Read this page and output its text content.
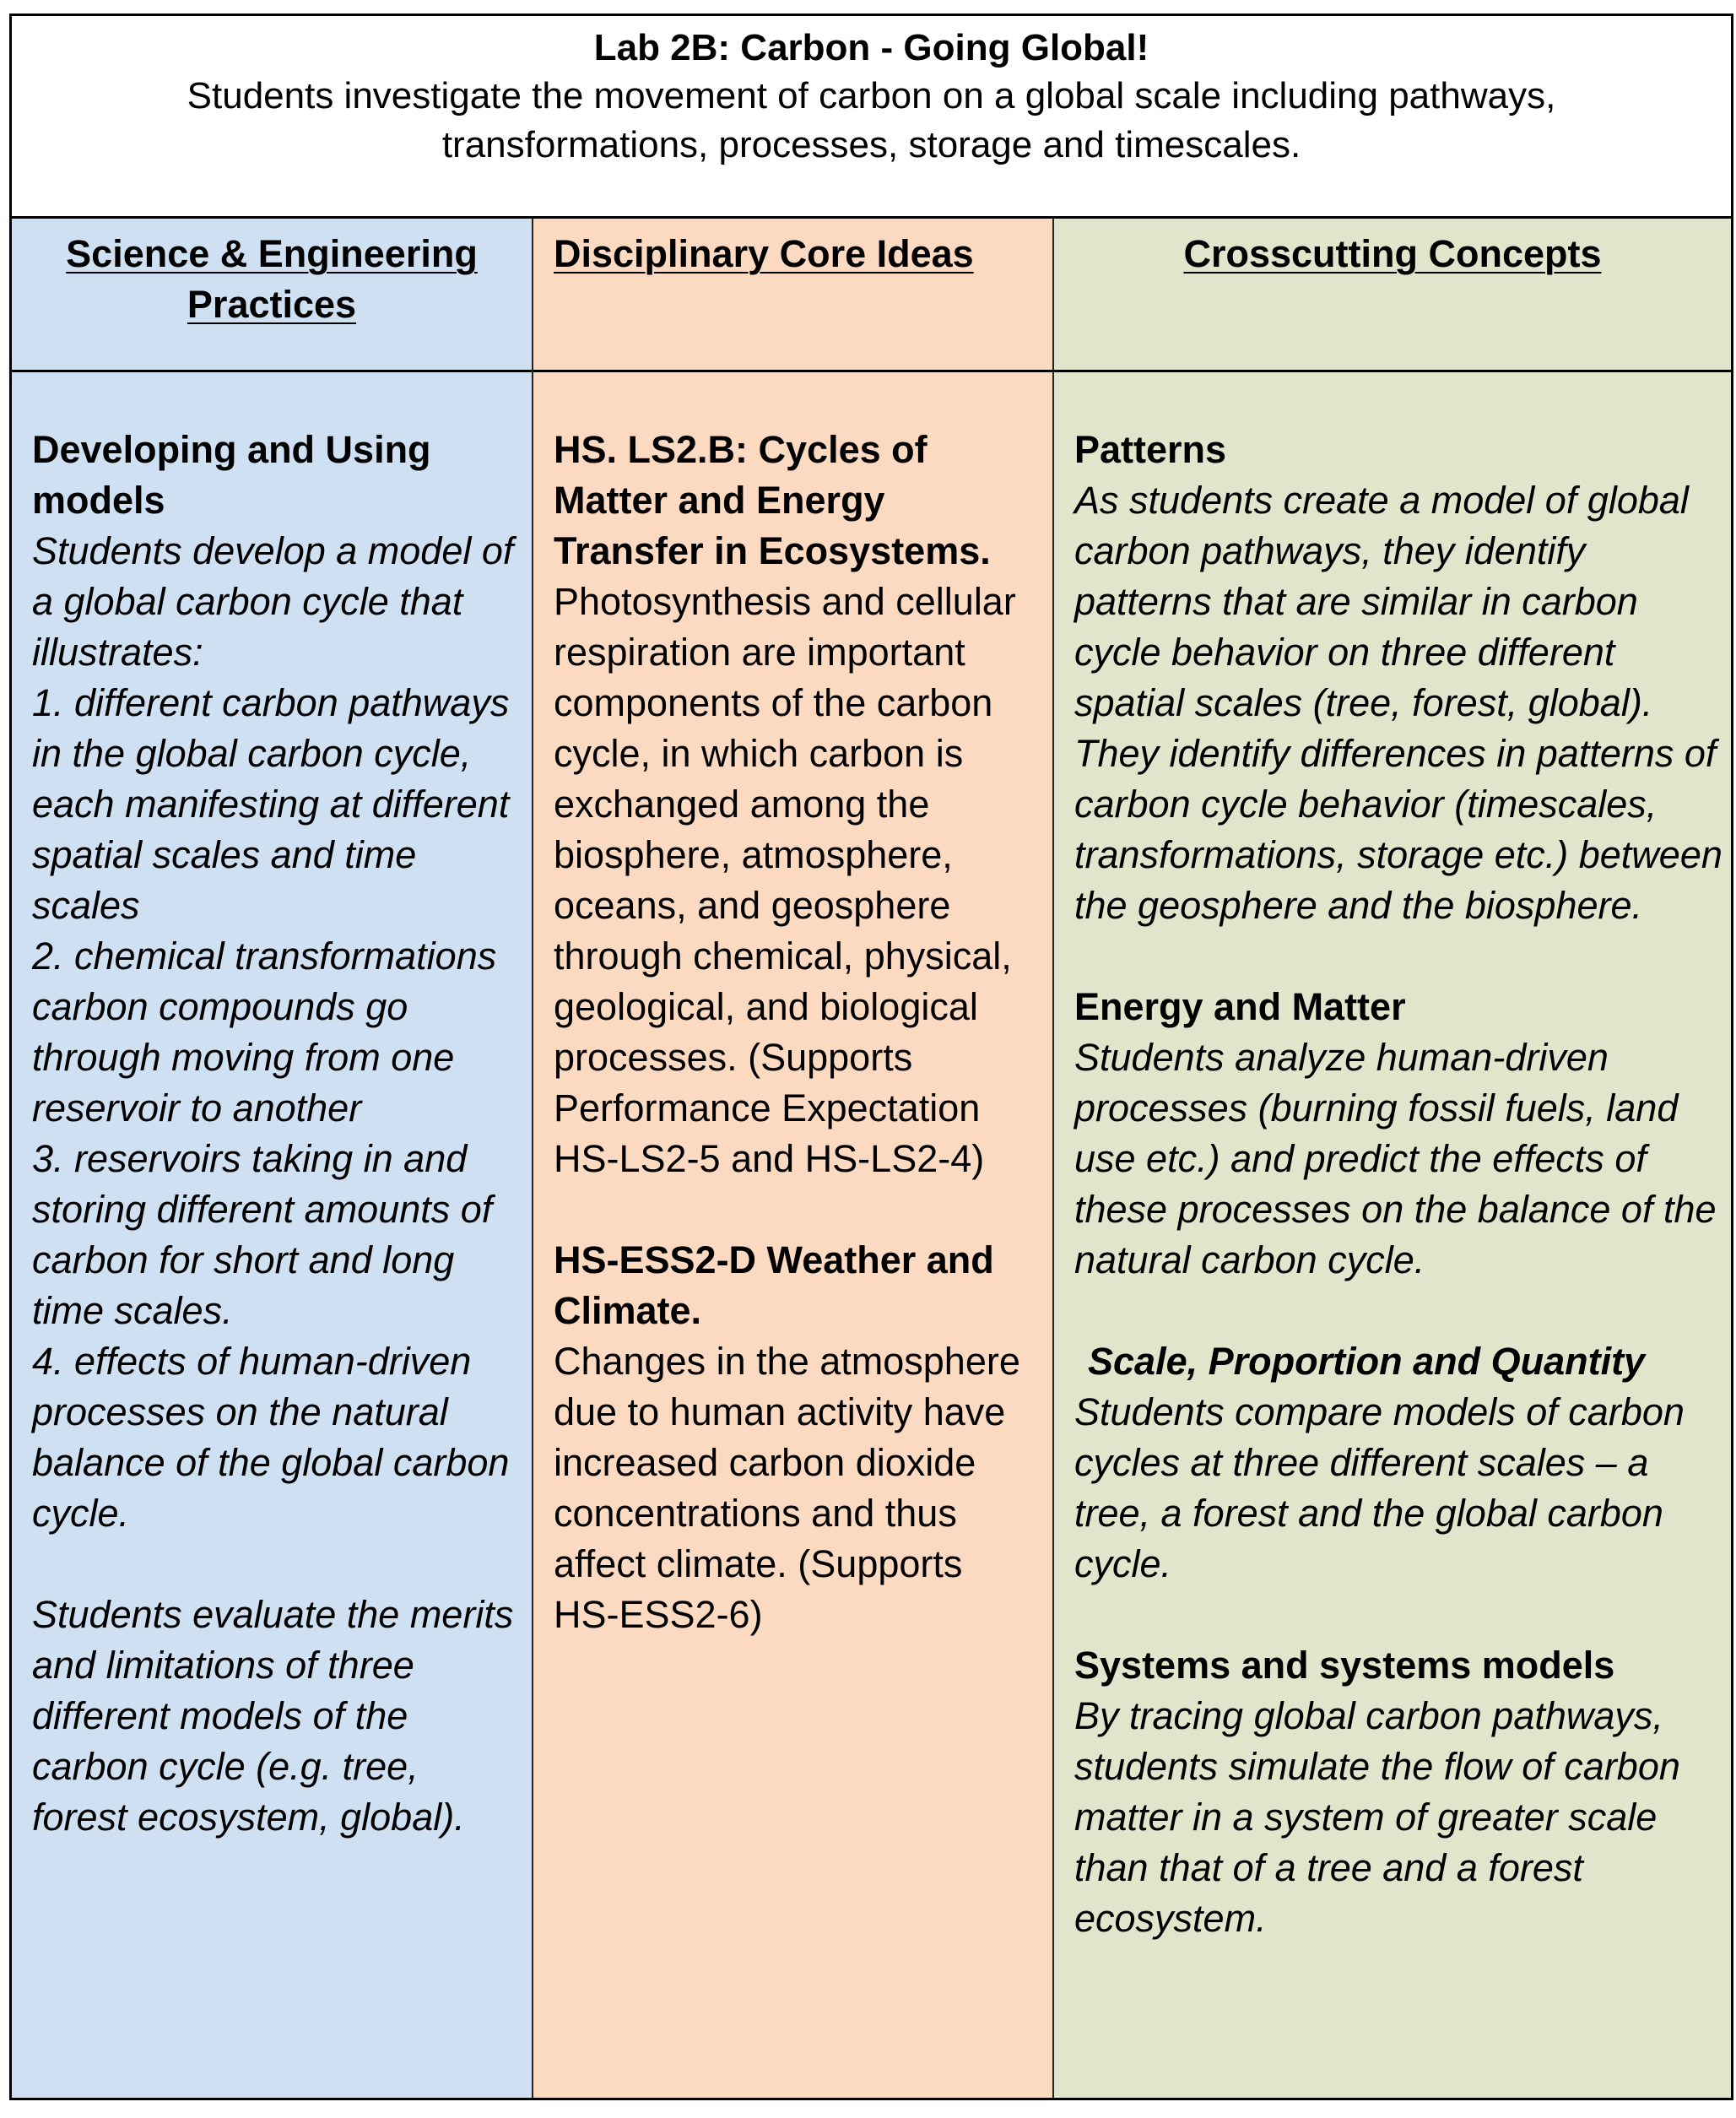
Lab 2B: Carbon - Going Global!
Students investigate the movement of carbon on a global scale including pathways, transformations, processes, storage and timescales.
Science & Engineering Practices

Developing and Using models

Students develop a model of a global carbon cycle that illustrates:

1. different carbon pathways in the global carbon cycle, each manifesting at different spatial scales and time scales

2. chemical transformations carbon compounds go through moving from one reservoir to another

3. reservoirs taking in and storing different amounts of carbon for short and long time scales.

4. effects of human-driven processes on the natural balance of the global carbon cycle.

Students evaluate the merits and limitations of three different models of the carbon cycle (e.g. tree, forest ecosystem, global).

Disciplinary Core Ideas

HS. LS2.B: Cycles of Matter and Energy Transfer in Ecosystems.

Photosynthesis and cellular respiration are important components of the carbon cycle, in which carbon is exchanged among the biosphere, atmosphere, oceans, and geosphere through chemical, physical, geological, and biological processes. (Supports Performance Expectation HS-LS2-5 and HS-LS2-4)

HS-ESS2-D Weather and Climate.

Changes in the atmosphere due to human activity have increased carbon dioxide concentrations and thus affect climate. (Supports HS-ESS2-6)

Crosscutting Concepts

Patterns

As students create a model of global carbon pathways, they identify patterns that are similar in carbon cycle behavior on three different spatial scales (tree, forest, global).

They identify differences in patterns of carbon cycle behavior (timescales, transformations, storage etc.) between the geosphere and the biosphere.

Energy and Matter

Students analyze human-driven processes (burning fossil fuels, land use etc.) and predict the effects of these processes on the balance of the natural carbon cycle.

Scale, Proportion and Quantity

Students compare models of carbon cycles at three different scales – a tree, a forest and the global carbon cycle.

Systems and systems models

By tracing global carbon pathways, students simulate the flow of carbon matter in a system of greater scale than that of a tree and a forest ecosystem.
